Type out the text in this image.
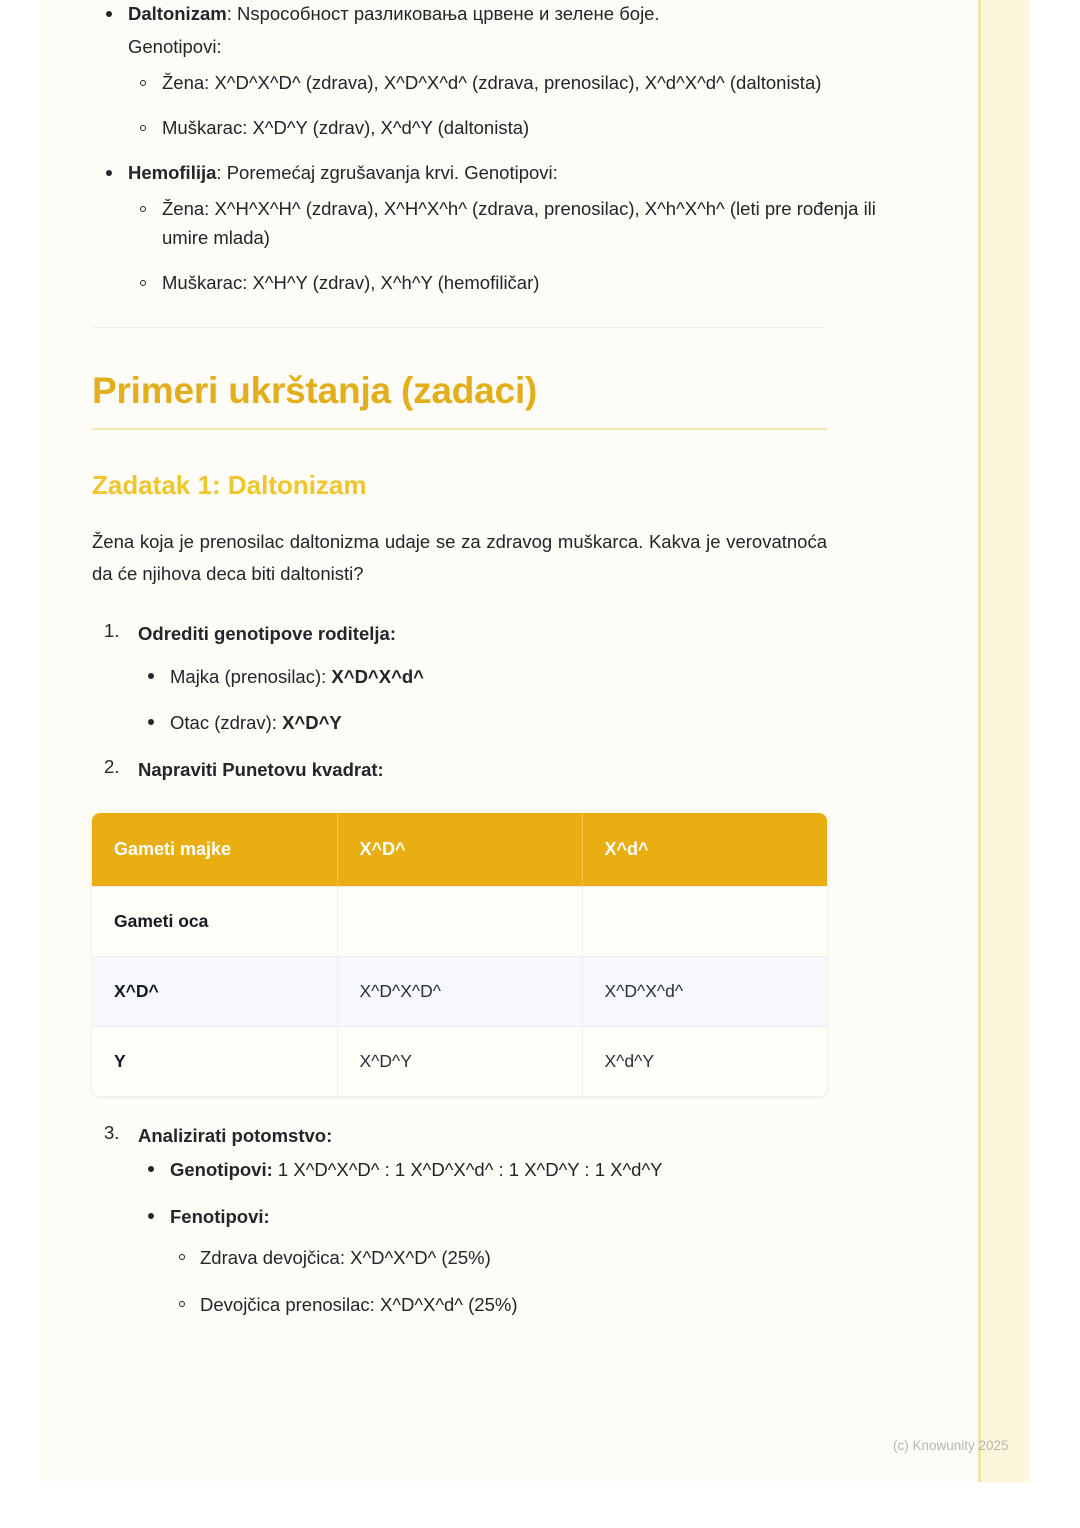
Daltonizam: Nspособност разликовања црвене и зелене боје.
Genotipovi:
Žena: X^D^X^D^ (zdrava), X^D^X^d^ (zdrava, prenosilac), X^d^X^d^ (daltonista)
Muškarac: X^D^Y (zdrav), X^d^Y (daltonista)
Hemofilija: Poremećaj zgrušavanja krvi. Genotipovi:
Žena: X^H^X^H^ (zdrava), X^H^X^h^ (zdrava, prenosilac), X^h^X^h^ (leti pre rođenja ili umire mlada)
Muškarac: X^H^Y (zdrav), X^h^Y (hemofiličar)
Primeri ukrštanja (zadaci)
Zadatak 1: Daltonizam

Žena koja je prenosilac daltonizma udaje se za zdravog muškarca. Kakva je verovatnoća da će njihova deca biti daltonisti?

Odrediti genotipove roditelja:
Majka (prenosilac): X^D^X^d^
Otac (zdrav): X^D^Y
Napraviti Punetovu kvadrat:
Gameti majke	X^D^	X^d^
Gameti oca		
X^D^	X^D^X^D^	X^D^X^d^
Y	X^D^Y	X^d^Y
Analizirati potomstvo:
Genotipovi: 1 X^D^X^D^ : 1 X^D^X^d^ : 1 X^D^Y : 1 X^d^Y
Fenotipovi:
Zdrava devojčica: X^D^X^D^ (25%)
Devojčica prenosilac: X^D^X^d^ (25%)
(c) Knowunity 2025
